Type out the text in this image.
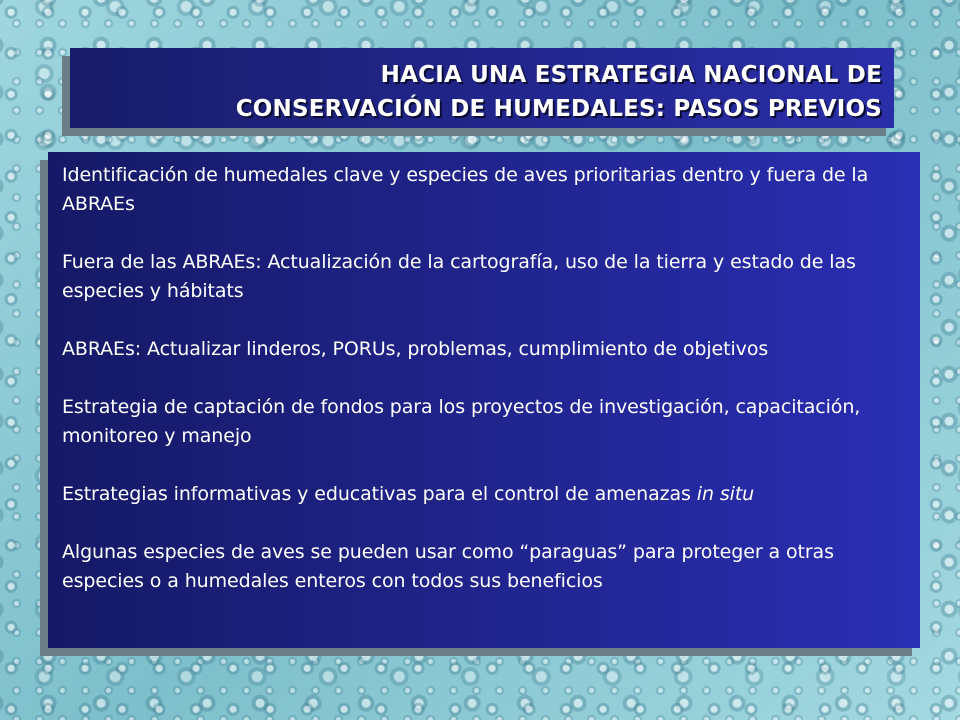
HACIA UNA ESTRATEGIA NACIONAL DE
CONSERVACIÓN DE HUMEDALES: PASOS PREVIOS

Identificación de humedales clave y especies de aves prioritarias dentro y fuera de la ABRAEs

Fuera de las ABRAEs: Actualización de la cartografía, uso de la tierra y estado de las especies y hábitats

ABRAEs: Actualizar linderos, PORUs, problemas, cumplimiento de objetivos

Estrategia de captación de fondos para los proyectos de investigación, capacitación, monitoreo y manejo

Estrategias informativas y educativas para el control de amenazas in situ

Algunas especies de aves se pueden usar como “paraguas” para proteger a otras especies o a humedales enteros con todos sus beneficios
